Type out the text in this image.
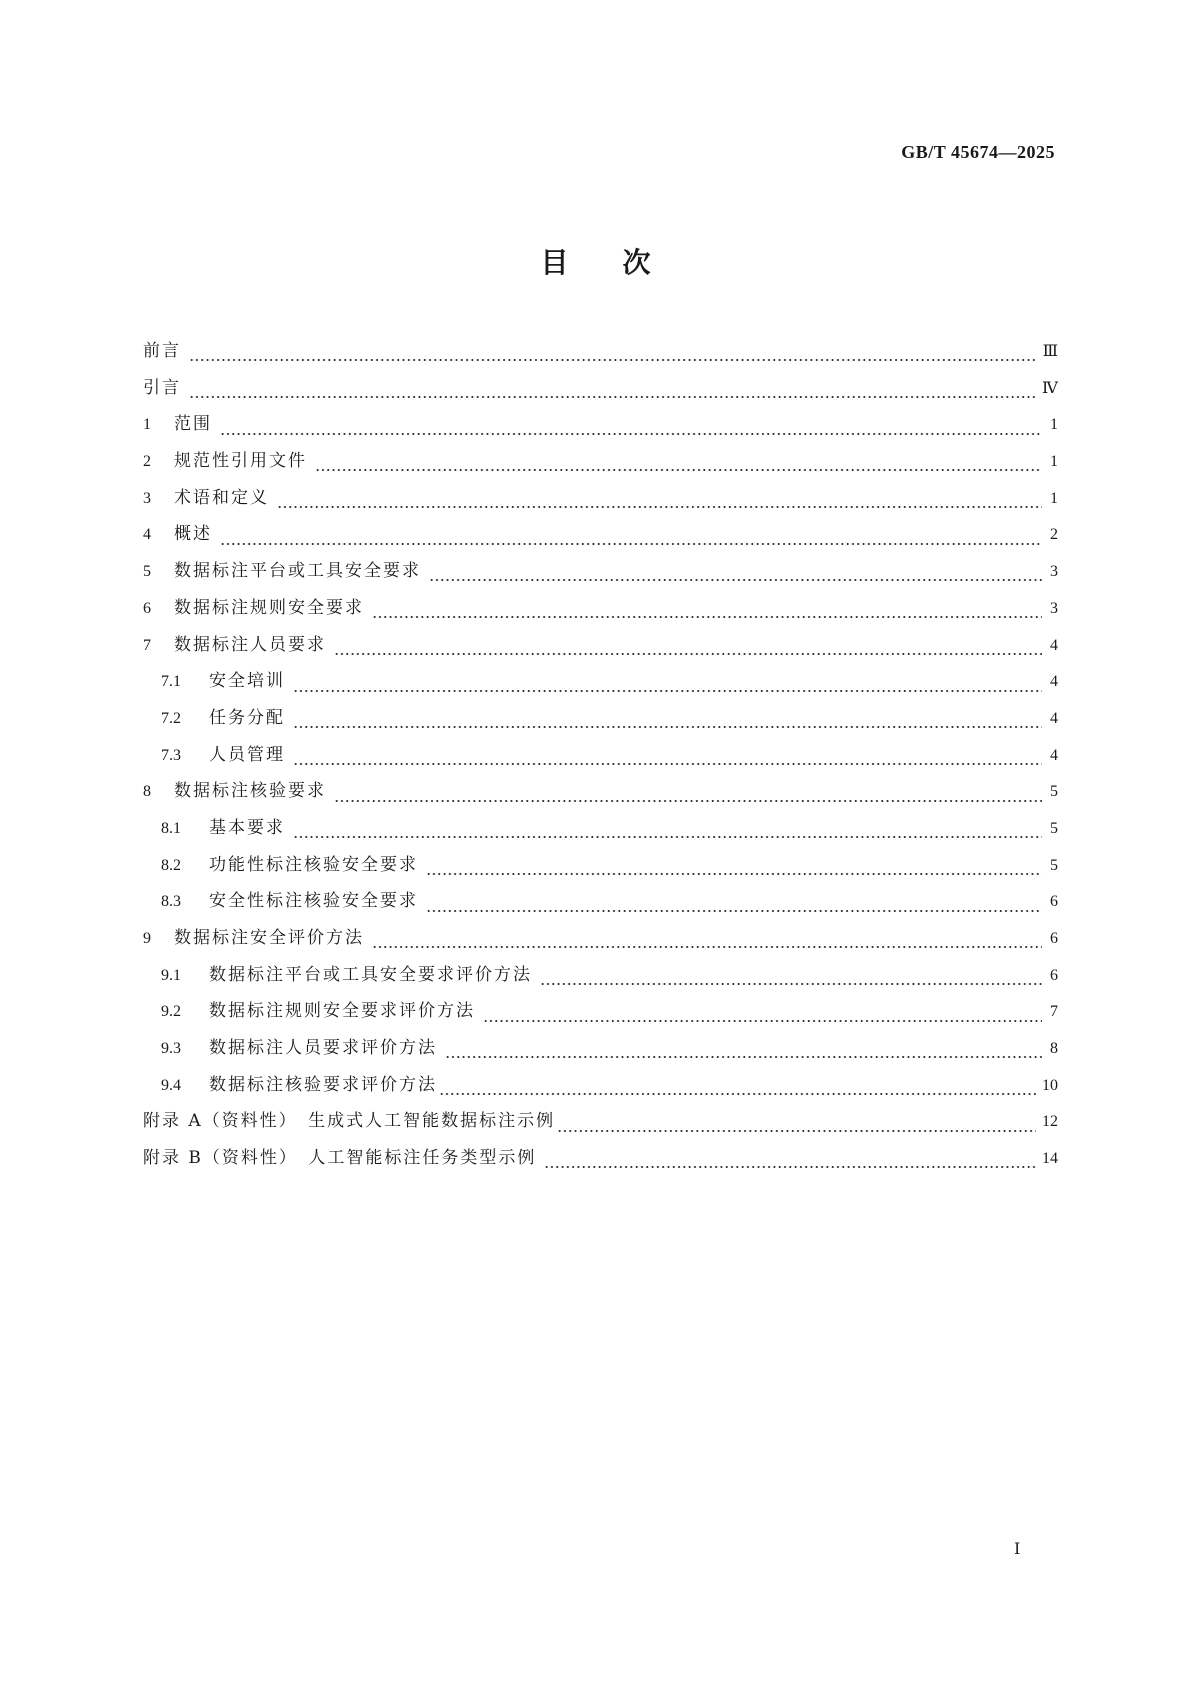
GB/T 45674—2025
目次
前言	Ⅲ
引言	Ⅳ
1	范围	1
2	规范性引用文件	1
3	术语和定义	1
4	概述	2
5	数据标注平台或工具安全要求	3
6	数据标注规则安全要求	3
7	数据标注人员要求	4
7.1	安全培训	4
7.2	任务分配	4
7.3	人员管理	4
8	数据标注核验要求	5
8.1	基本要求	5
8.2	功能性标注核验安全要求	5
8.3	安全性标注核验安全要求	6
9	数据标注安全评价方法	6
9.1	数据标注平台或工具安全要求评价方法	6
9.2	数据标注规则安全要求评价方法	7
9.3	数据标注人员要求评价方法	8
9.4	数据标注核验要求评价方法	10
附录 A（资料性）　生成式人工智能数据标注示例	12
附录 B（资料性）　人工智能标注任务类型示例	14
Ⅰ
